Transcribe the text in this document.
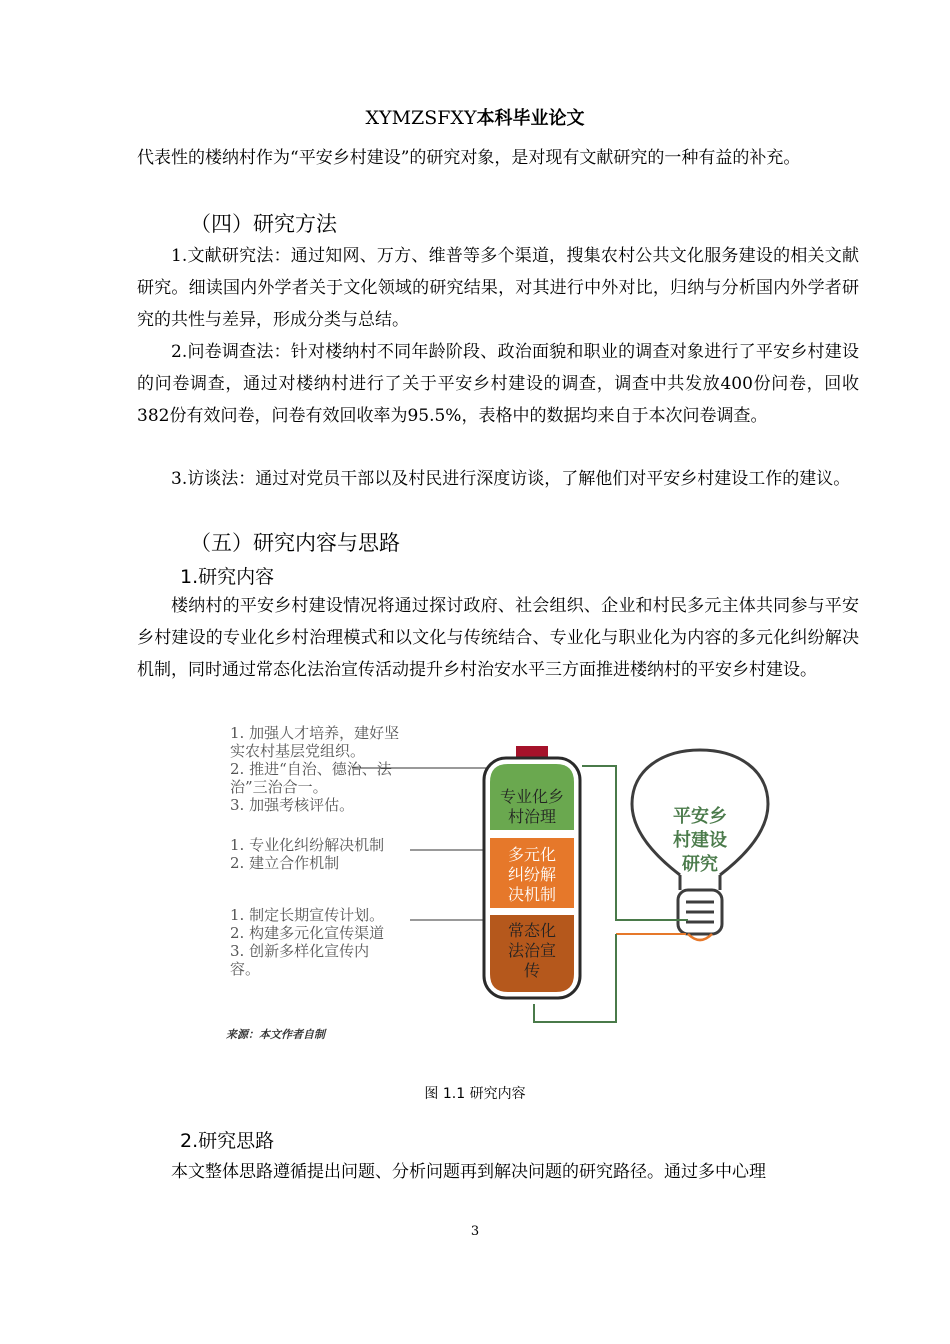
XYMZSFXY本科毕业论文
代表性的楼纳村作为“平安乡村建设”的研究对象，是对现有文献研究的一种有益的补充。
（四）研究方法
1.文献研究法：通过知网、万方、维普等多个渠道，搜集农村公共文化服务建设的相关文献研究。细读国内外学者关于文化领域的研究结果，对其进行中外对比，归纳与分析国内外学者研究的共性与差异，形成分类与总结。
2.问卷调查法：针对楼纳村不同年龄阶段、政治面貌和职业的调查对象进行了平安乡村建设的问卷调查，通过对楼纳村进行了关于平安乡村建设的调查，调查中共发放400份问卷，回收382份有效问卷，问卷有效回收率为95.5%，表格中的数据均来自于本次问卷调查。
3.访谈法：通过对党员干部以及村民进行深度访谈，了解他们对平安乡村建设工作的建议。
（五）研究内容与思路
1.研究内容
楼纳村的平安乡村建设情况将通过探讨政府、社会组织、企业和村民多元主体共同参与平安乡村建设的专业化乡村治理模式和以文化与传统结合、专业化与职业化为内容的多元化纠纷解决机制，同时通过常态化法治宣传活动提升乡村治安水平三方面推进楼纳村的平安乡村建设。
1. 加强人才培养，建好坚
实农村基层党组织。
2. 推进“自治、德治、法
治”三治合一。
3. 加强考核评估。
1. 专业化纠纷解决机制
2. 建立合作机制
1. 制定长期宣传计划。
2. 构建多元化宣传渠道
3. 创新多样化宣传内
容。
专业化乡
村治理
多元化
纠纷解
决机制
常态化
法治宣
传
来源：本文作者自制
平安乡
村建设
研究
图 1.1 研究内容
2.研究思路
本文整体思路遵循提出问题、分析问题再到解决问题的研究路径。通过多中心理
3
